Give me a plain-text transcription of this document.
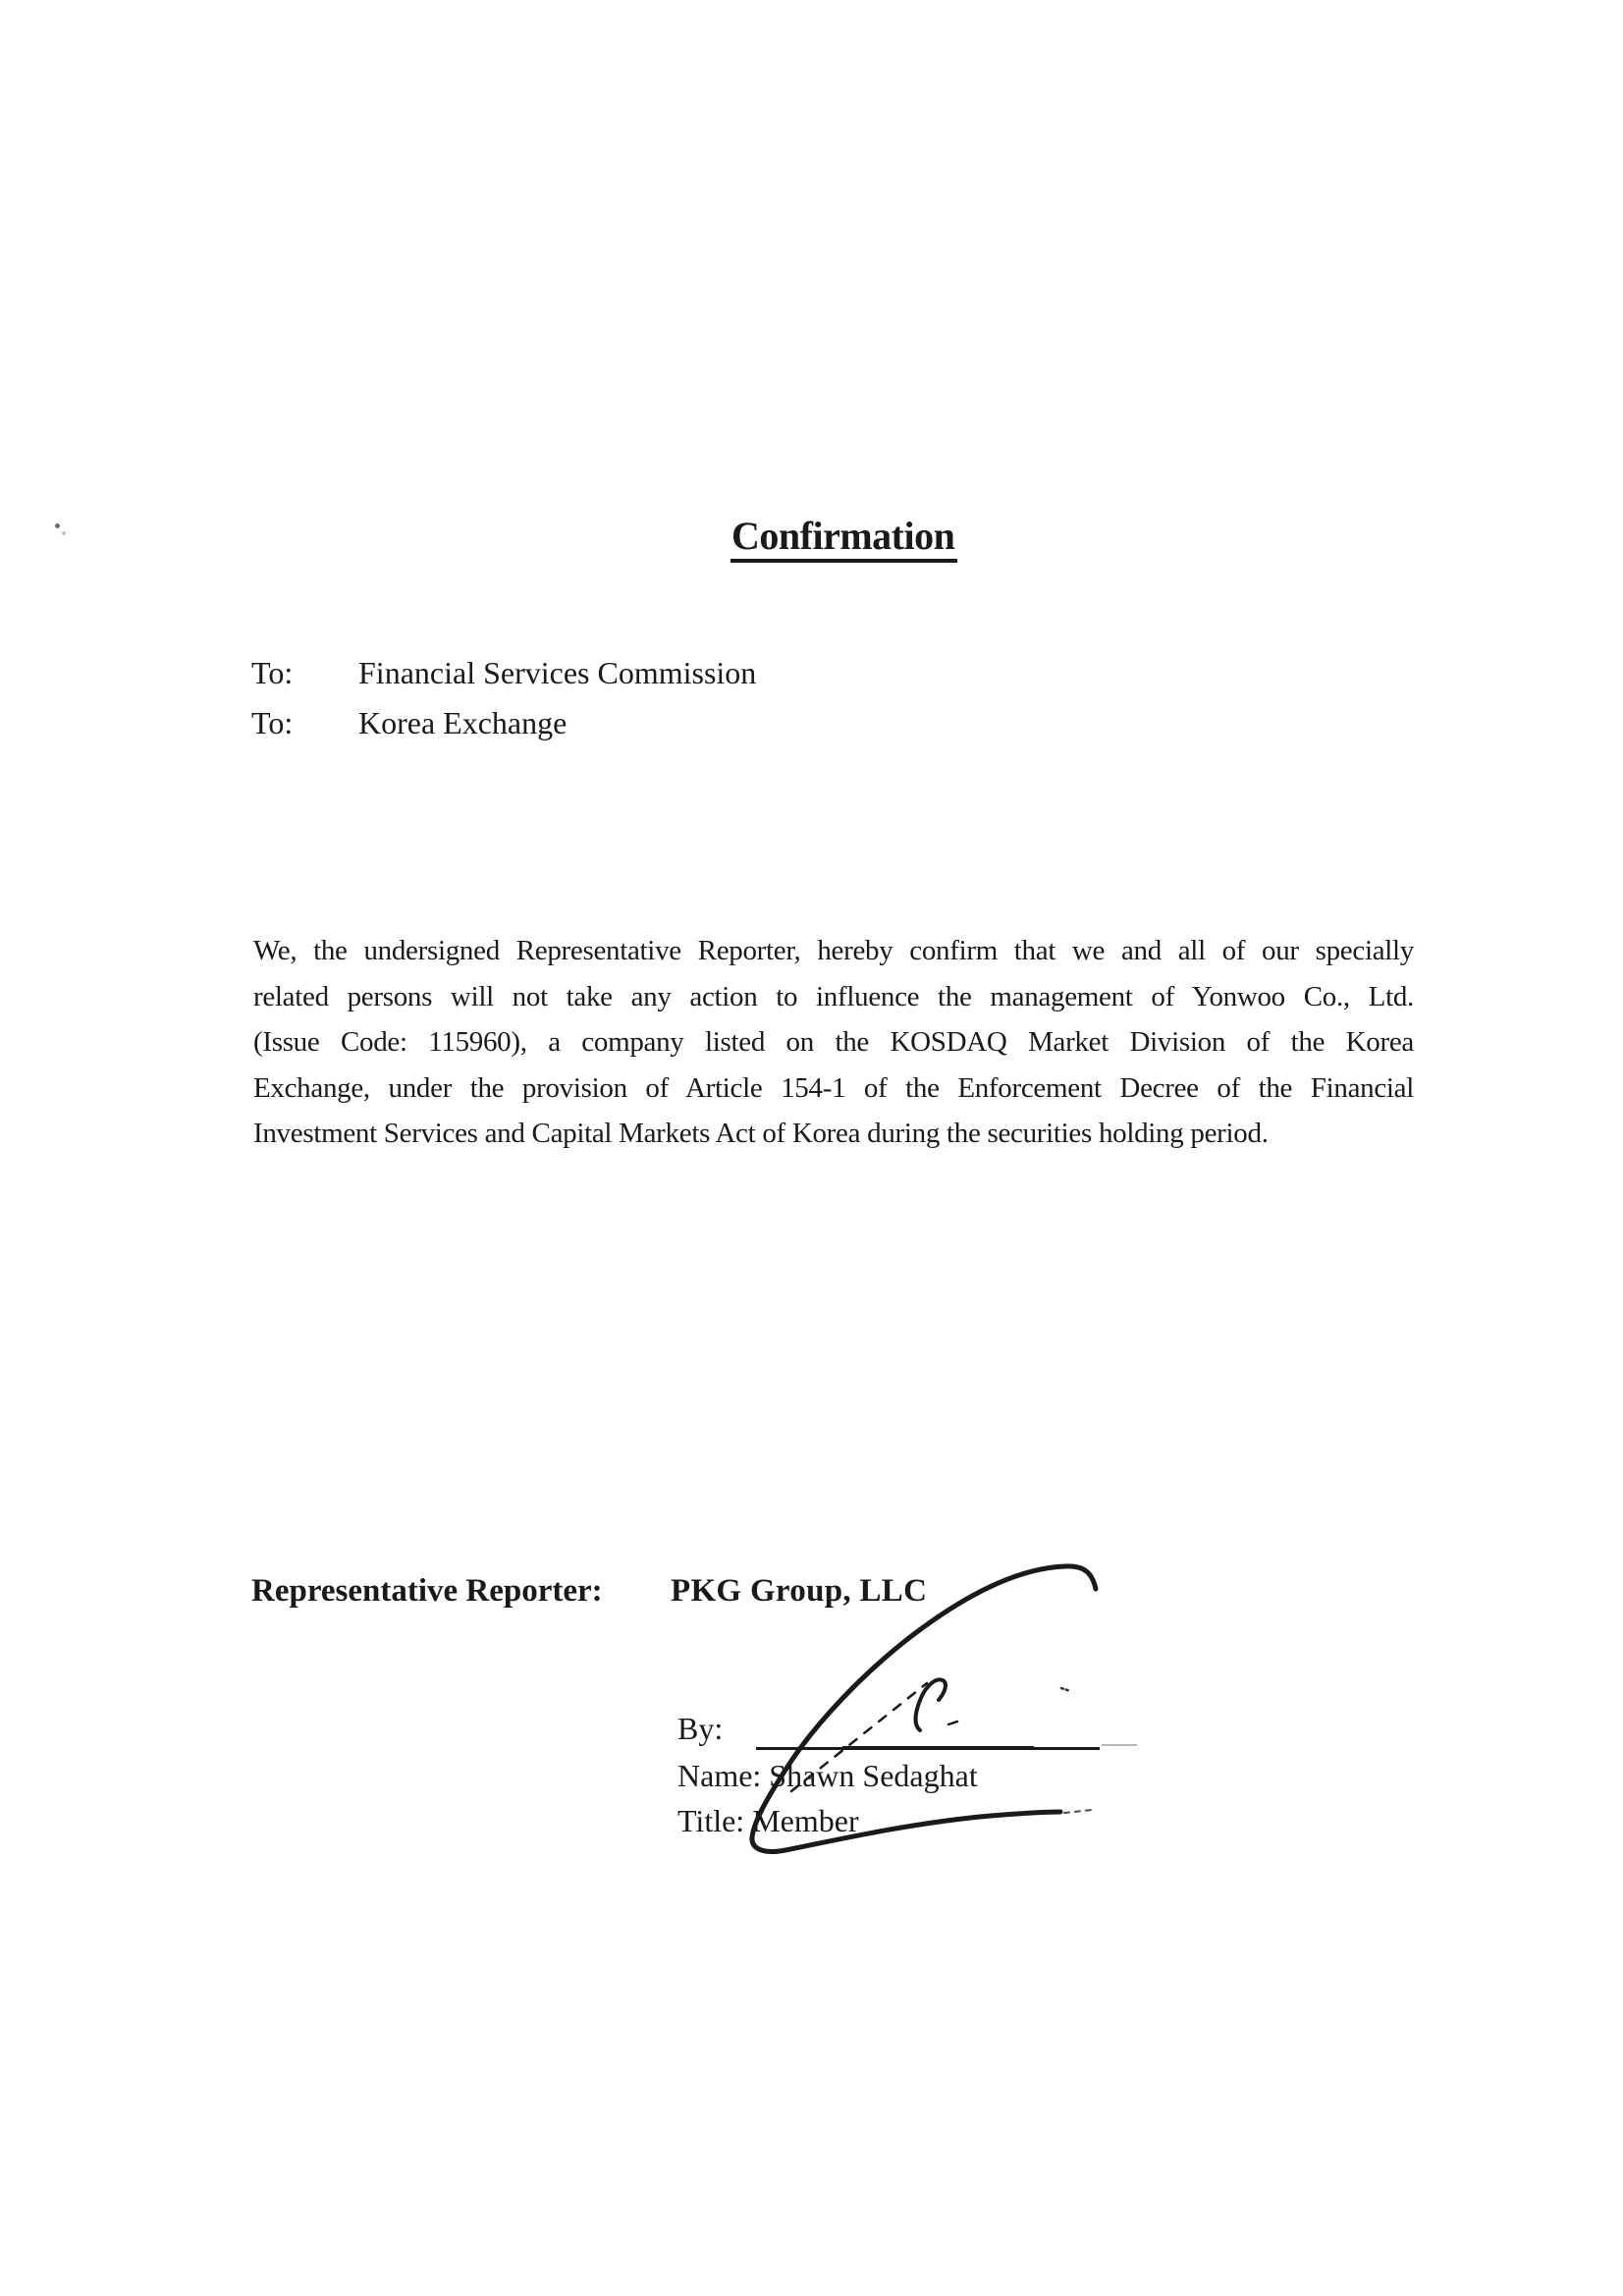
Confirmation
To: Financial Services Commission
To: Korea Exchange
We, the undersigned Representative Reporter, hereby confirm that we and all of our specially
related persons will not take any action to influence the management of Yonwoo Co., Ltd.
(Issue Code: 115960), a company listed on the KOSDAQ Market Division of the Korea
Exchange, under the provision of Article 154-1 of the Enforcement Decree of the Financial
Investment Services and Capital Markets Act of Korea during the securities holding period.
Representative Reporter: PKG Group, LLC
By:
Name: Shawn Sedaghat
Title: Member
